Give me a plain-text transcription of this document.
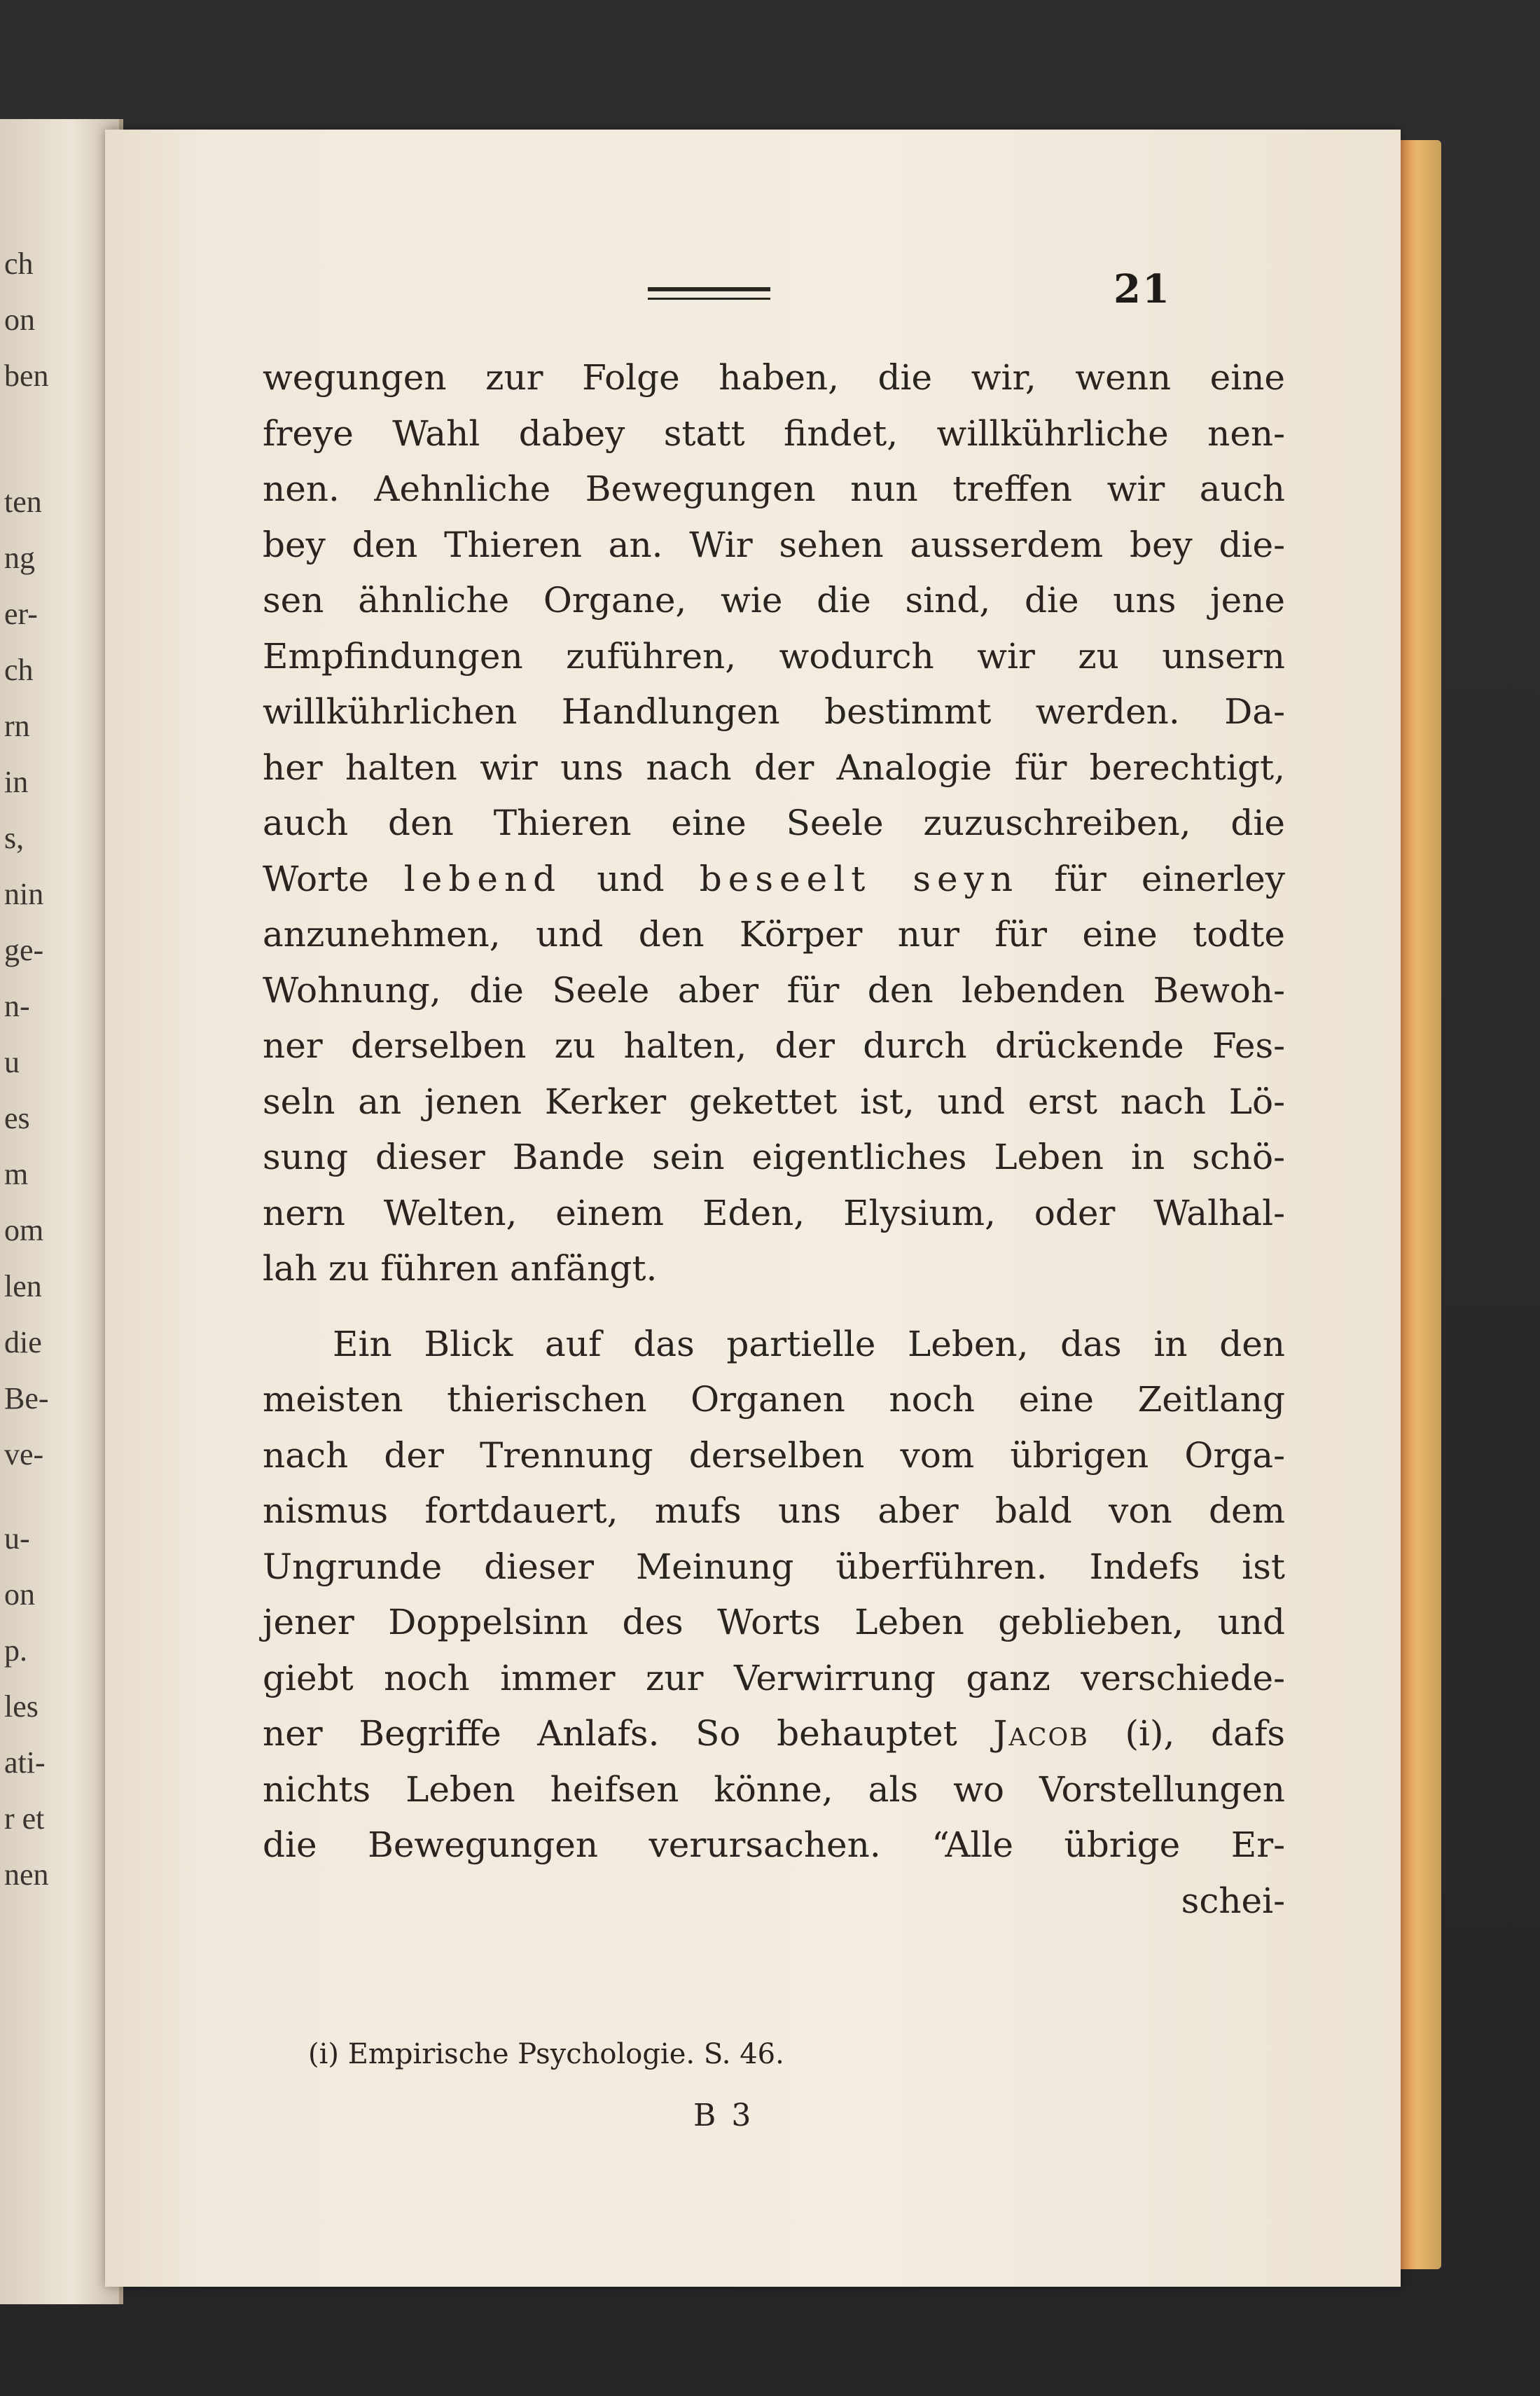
ch
on
ben
ten
ng
er-
ch
rn
in
s,
nin
ge-
n-
u
es
m
om
len
die
Be-
ve-
u-
on
p.
les
ati-
r et
nen
21
wegungen zur Folge haben, die wir, wenn eine
freye Wahl dabey statt findet, willkührliche nen-
nen. Aehnliche Bewegungen nun treffen wir auch
bey den Thieren an. Wir sehen ausserdem bey die-
sen ähnliche Organe, wie die sind, die uns jene
Empfindungen zuführen, wodurch wir zu unsern
willkührlichen Handlungen bestimmt werden. Da-
her halten wir uns nach der Analogie für berechtigt,
auch den Thieren eine Seele zuzuschreiben, die
Worte lebend und beseelt seyn für einerley
anzunehmen, und den Körper nur für eine todte
Wohnung, die Seele aber für den lebenden Bewoh-
ner derselben zu halten, der durch drückende Fes-
seln an jenen Kerker gekettet ist, und erst nach Lö-
sung dieser Bande sein eigentliches Leben in schö-
nern Welten, einem Eden, Elysium, oder Walhal-
lah zu führen anfängt.
Ein Blick auf das partielle Leben, das in den
meisten thierischen Organen noch eine Zeitlang
nach der Trennung derselben vom übrigen Orga-
nismus fortdauert, mufs uns aber bald von dem
Ungrunde dieser Meinung überführen. Indefs ist
jener Doppelsinn des Worts Leben geblieben, und
giebt noch immer zur Verwirrung ganz verschiede-
ner Begriffe Anlafs. So behauptet Jacob (i), dafs
nichts Leben heifsen könne, als wo Vorstellungen
die Bewegungen verursachen. “Alle übrige Er-
schei-
(i) Empirische Psychologie. S. 46.
B 3
